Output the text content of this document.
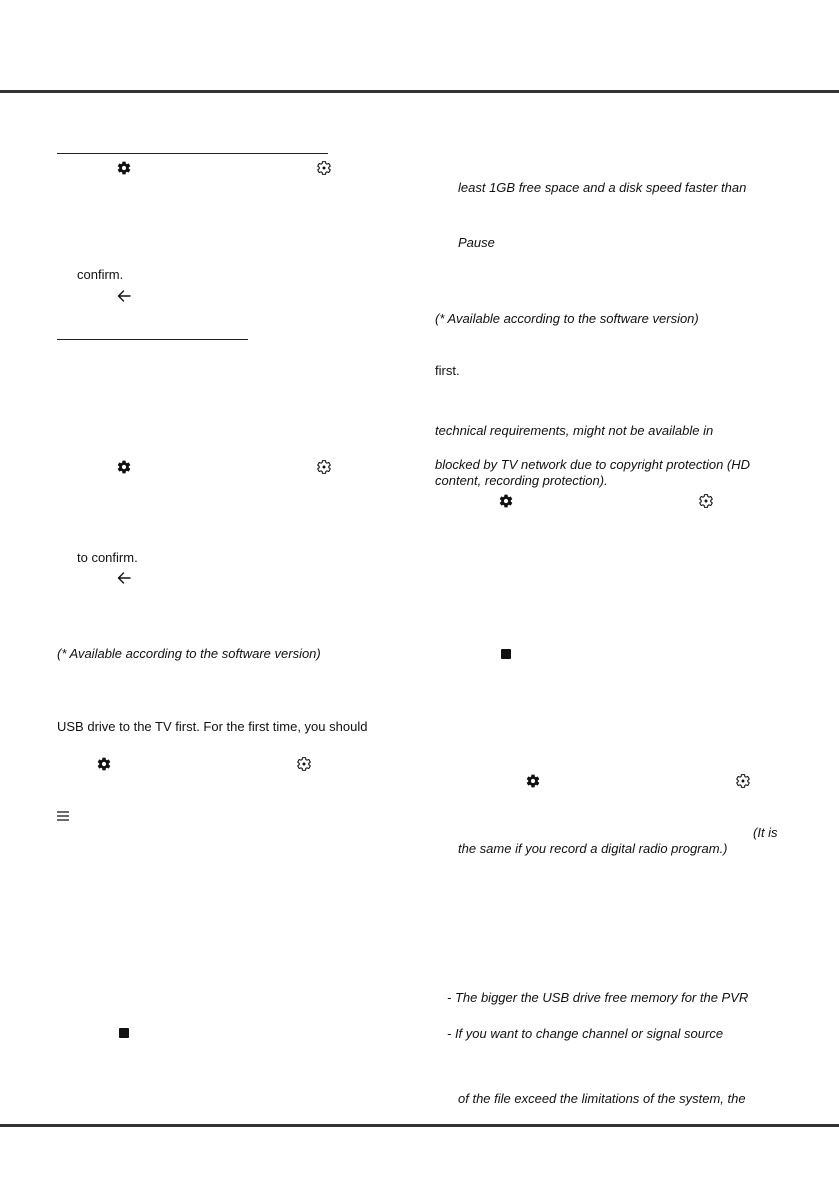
confirm.
to confirm.
(* Available according to the software version)
USB drive to the TV first. For the first time, you should
least 1GB free space and a disk speed faster than
Pause
(* Available according to the software version)
first.
technical requirements, might not be available in
blocked by TV network due to copyright protection (HD
content, recording protection).
(It is
the same if you record a digital radio program.)
- The bigger the USB drive free memory for the PVR
- If you want to change channel or signal source
of the file exceed the limitations of the system, the
